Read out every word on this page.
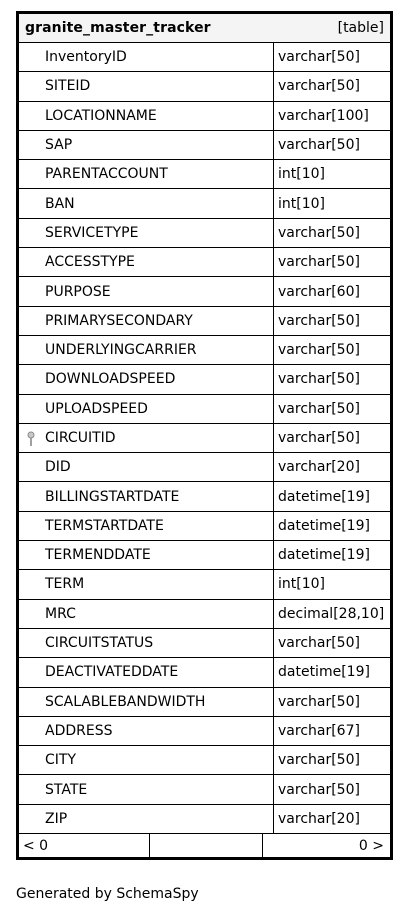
granite_master_tracker	[table]
InventoryID	varchar[50]
SITEID	varchar[50]
LOCATIONNAME	varchar[100]
SAP	varchar[50]
PARENTACCOUNT	int[10]
BAN	int[10]
SERVICETYPE	varchar[50]
ACCESSTYPE	varchar[50]
PURPOSE	varchar[60]
PRIMARYSECONDARY	varchar[50]
UNDERLYINGCARRIER	varchar[50]
DOWNLOADSPEED	varchar[50]
UPLOADSPEED	varchar[50]
CIRCUITID	varchar[50]
DID	varchar[20]
BILLINGSTARTDATE	datetime[19]
TERMSTARTDATE	datetime[19]
TERMENDDATE	datetime[19]
TERM	int[10]
MRC	decimal[28,10]
CIRCUITSTATUS	varchar[50]
DEACTIVATEDDATE	datetime[19]
SCALABLEBANDWIDTH	varchar[50]
ADDRESS	varchar[67]
CITY	varchar[50]
STATE	varchar[50]
ZIP	varchar[20]
< 0	0 >
Generated by SchemaSpy
